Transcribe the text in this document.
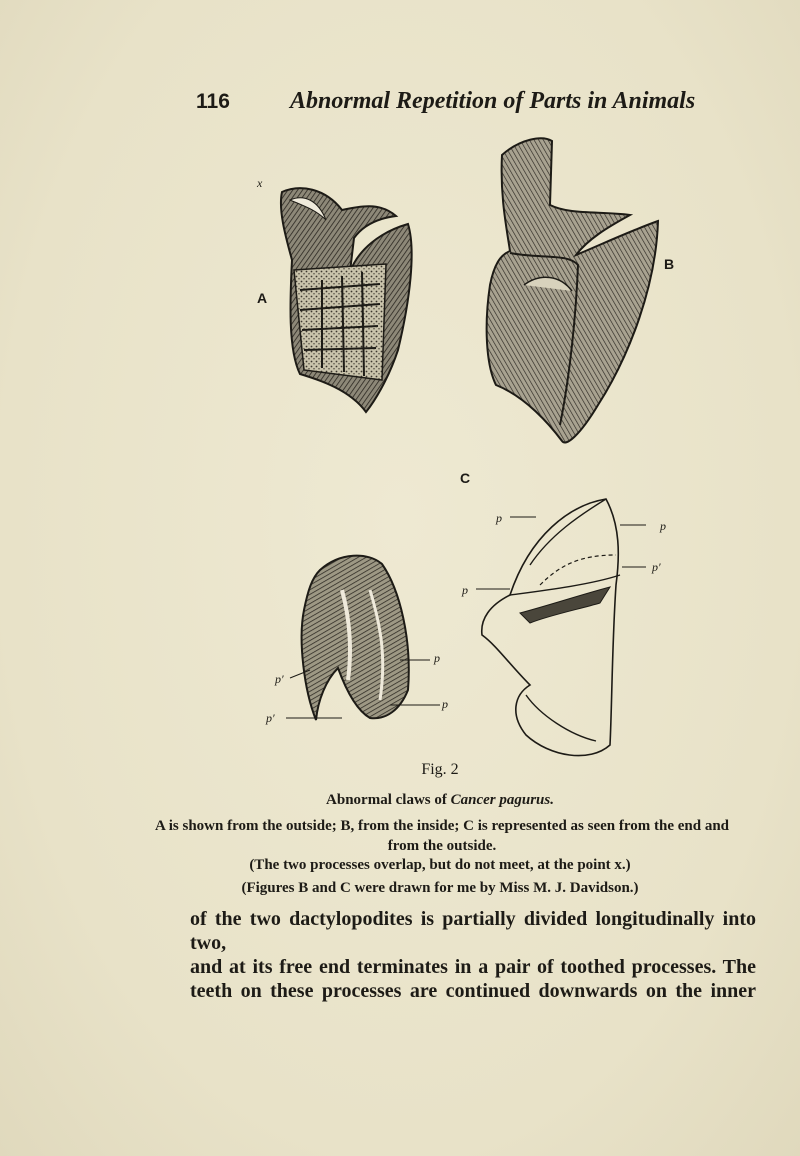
116	Abnormal Repetition of Parts in Animals
x
A
B
C
p
p
p′
p′
p
p
p′
p
Fig. 2
Abnormal claws of Cancer pagurus.
A is shown from the outside; B, from the inside; C is represented as seen from the end and from the outside.
(The two processes overlap, but do not meet, at the point x.)
(Figures B and C were drawn for me by Miss M. J. Davidson.)
of the two dactylopodites is partially divided longitudinally into two,
and at its free end terminates in a pair of toothed processes. The
teeth on these processes are continued downwards on the inner
